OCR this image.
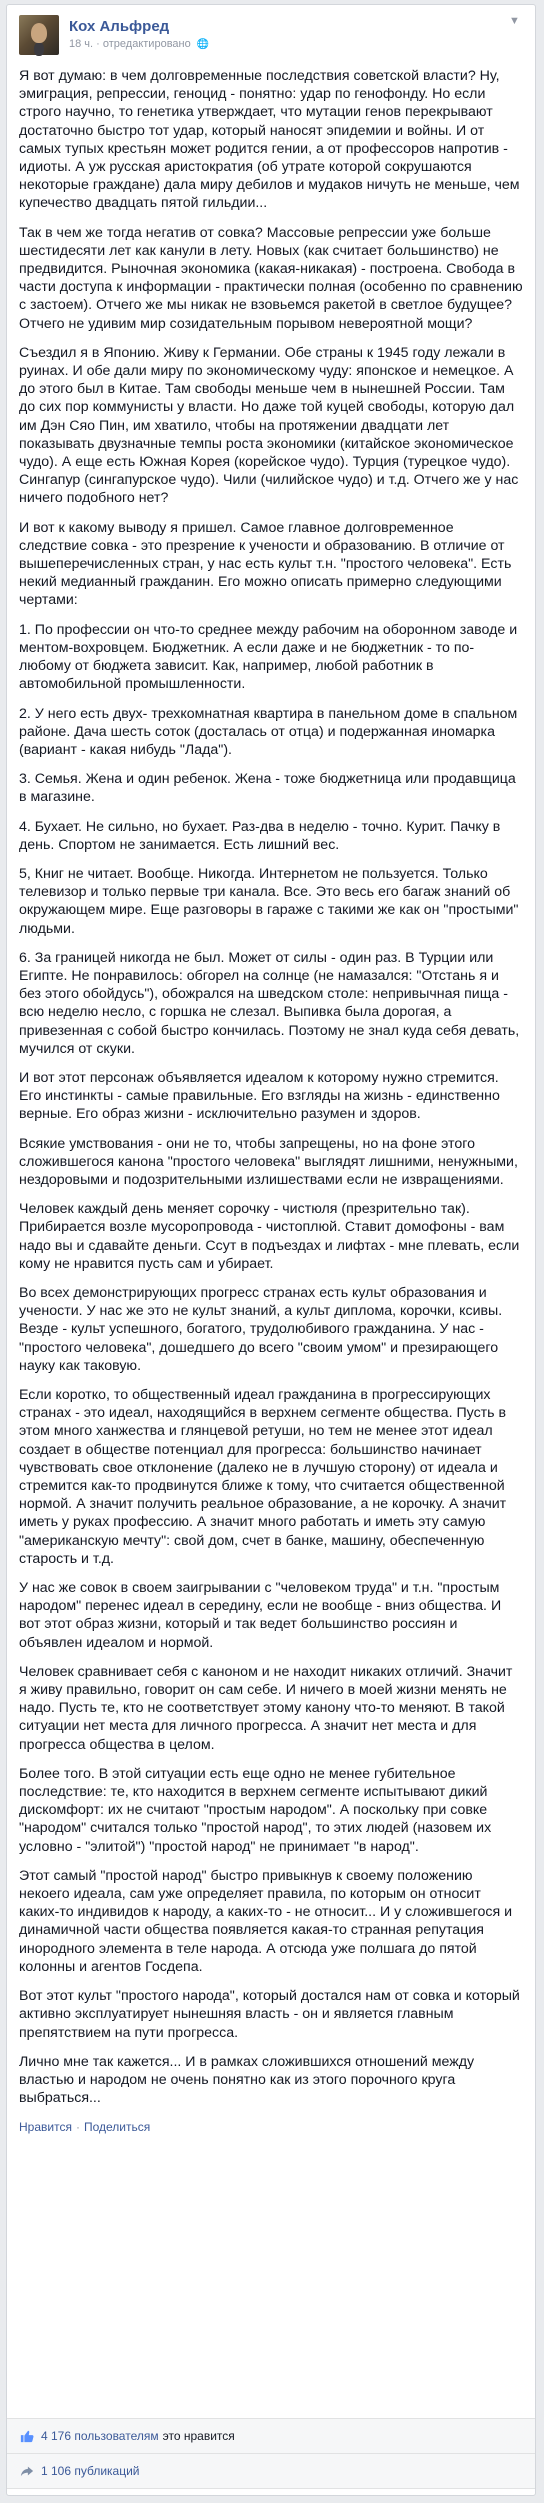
Кох Альфред
18 ч. · отредактировано 🌐
▼

Я вот думаю: в чем долговременные последствия советской власти? Ну, эмиграция, репрессии, геноцид - понятно: удар по генофонду. Но если строго научно, то генетика утверждает, что мутации генов перекрывают достаточно быстро тот удар, который наносят эпидемии и войны. И от самых тупых крестьян может родится гении, а от профессоров напротив - идиоты. А уж русская аристократия (об утрате которой сокрушаются некоторые граждане) дала миру дебилов и мудаков ничуть не меньше, чем купечество двадцать пятой гильдии...

Так в чем же тогда негатив от совка? Массовые репрессии уже больше шестидесяти лет как канули в лету. Новых (как считает большинство) не предвидится. Рыночная экономика (какая-никакая) - построена. Свобода в части доступа к информации - практически полная (особенно по сравнению с застоем). Отчего же мы никак не взовьемся ракетой в светлое будущее? Отчего не удивим мир созидательным порывом невероятной мощи?

Съездил я в Японию. Живу к Германии. Обе страны к 1945 году лежали в руинах. И обе дали миру по экономическому чуду: японское и немецкое. А до этого был в Китае. Там свободы меньше чем в нынешней России. Там до сих пор коммунисты у власти. Но даже той куцей свободы, которую дал им Дэн Сяо Пин, им хватило, чтобы на протяжении двадцати лет показывать двузначные темпы роста экономики (китайское экономическое чудо). А еще есть Южная Корея (корейское чудо). Турция (турецкое чудо). Сингапур (сингапурское чудо). Чили (чилийское чудо) и т.д. Отчего же у нас ничего подобного нет?

И вот к какому выводу я пришел. Самое главное долговременное следствие совка - это презрение к учености и образованию. В отличие от вышеперечисленных стран, у нас есть культ т.н. "простого человека". Есть некий медианный гражданин. Его можно описать примерно следующими чертами:

1. По профессии он что-то среднее между рабочим на оборонном заводе и ментом-вохровцем. Бюджетник. А если даже и не бюджетник - то по-любому от бюджета зависит. Как, например, любой работник в автомобильной промышленности.

2. У него есть двух- трехкомнатная квартира в панельном доме в спальном районе. Дача шесть соток (досталась от отца) и подержанная иномарка (вариант - какая нибудь "Лада").

3. Семья. Жена и один ребенок. Жена - тоже бюджетница или продавщица в магазине.

4. Бухает. Не сильно, но бухает. Раз-два в неделю - точно. Курит. Пачку в день. Спортом не занимается. Есть лишний вес.

5, Книг не читает. Вообще. Никогда. Интернетом не пользуется. Только телевизор и только первые три канала. Все. Это весь его багаж знаний об окружающем мире. Еще разговоры в гараже с такими же как он "простыми" людьми.

6. За границей никогда не был. Может от силы - один раз. В Турции или Египте. Не понравилось: обгорел на солнце (не намазался: "Отстань я и без этого обойдусь"), обожрался на шведском столе: непривычная пища - всю неделю несло, с горшка не слезал. Выпивка была дорогая, а привезенная с собой быстро кончилась. Поэтому не знал куда себя девать, мучился от скуки.

И вот этот персонаж объявляется идеалом к которому нужно стремится. Его инстинкты - самые правильные. Его взгляды на жизнь - единственно верные. Его образ жизни - исключительно разумен и здоров.

Всякие умствования - они не то, чтобы запрещены, но на фоне этого сложившегося канона "простого человека" выглядят лишними, ненужными, нездоровыми и подозрительными излишествами если не извращениями.

Человек каждый день меняет сорочку - чистюля (презрительно так). Прибирается возле мусоропровода - чистоплюй. Ставит домофоны - вам надо вы и сдавайте деньги. Ссут в подъездах и лифтах - мне плевать, если кому не нравится пусть сам и убирает.

Во всех демонстрирующих прогресс странах есть культ образования и учености. У нас же это не культ знаний, а культ диплома, корочки, ксивы. Везде - культ успешного, богатого, трудолюбивого гражданина. У нас - "простого человека", дошедшего до всего "своим умом" и презирающего науку как таковую.

Если коротко, то общественный идеал гражданина в прогрессирующих странах - это идеал, находящийся в верхнем сегменте общества. Пусть в этом много ханжества и глянцевой ретуши, но тем не менее этот идеал создает в обществе потенциал для прогресса: большинство начинает чувствовать свое отклонение (далеко не в лучшую сторону) от идеала и стремится как-то продвинутся ближе к тому, что считается общественной нормой. А значит получить реальное образование, а не корочку. А значит иметь у руках профессию. А значит много работать и иметь эту самую "американскую мечту": свой дом, счет в банке, машину, обеспеченную старость и т.д.

У нас же совок в своем заигрывании с "человеком труда" и т.н. "простым народом" перенес идеал в середину, если не вообще - вниз общества. И вот этот образ жизни, который и так ведет большинство россиян и объявлен идеалом и нормой.

Человек сравнивает себя с каноном и не находит никаких отличий. Значит я живу правильно, говорит он сам себе. И ничего в моей жизни менять не надо. Пусть те, кто не соответствует этому канону что-то меняют. В такой ситуации нет места для личного прогресса. А значит нет места и для прогресса общества в целом.

Более того. В этой ситуации есть еще одно не менее губительное последствие: те, кто находится в верхнем сегменте испытывают дикий дискомфорт: их не считают "простым народом". А поскольку при совке "народом" считался только "простой народ", то этих людей (назовем их условно - "элитой") "простой народ" не принимает "в народ".

Этот самый "простой народ" быстро привыкнув к своему положению некоего идеала, сам уже определяет правила, по которым он относит каких-то индивидов к народу, а каких-то - не относит... И у сложившегося и динамичной части общества появляется какая-то странная репутация инородного элемента в теле народа. А отсюда уже полшага до пятой колонны и агентов Госдепа.

Вот этот культ "простого народа", который достался нам от совка и который активно эксплуатирует нынешняя власть - он и является главным препятствием на пути прогресса.

Лично мне так кажется... И в рамках сложившихся отношений между властью и народом не очень понятно как из этого порочного круга выбраться...

Нравится · Поделиться
4 176 пользователям это нравится
1 106 публикаций
